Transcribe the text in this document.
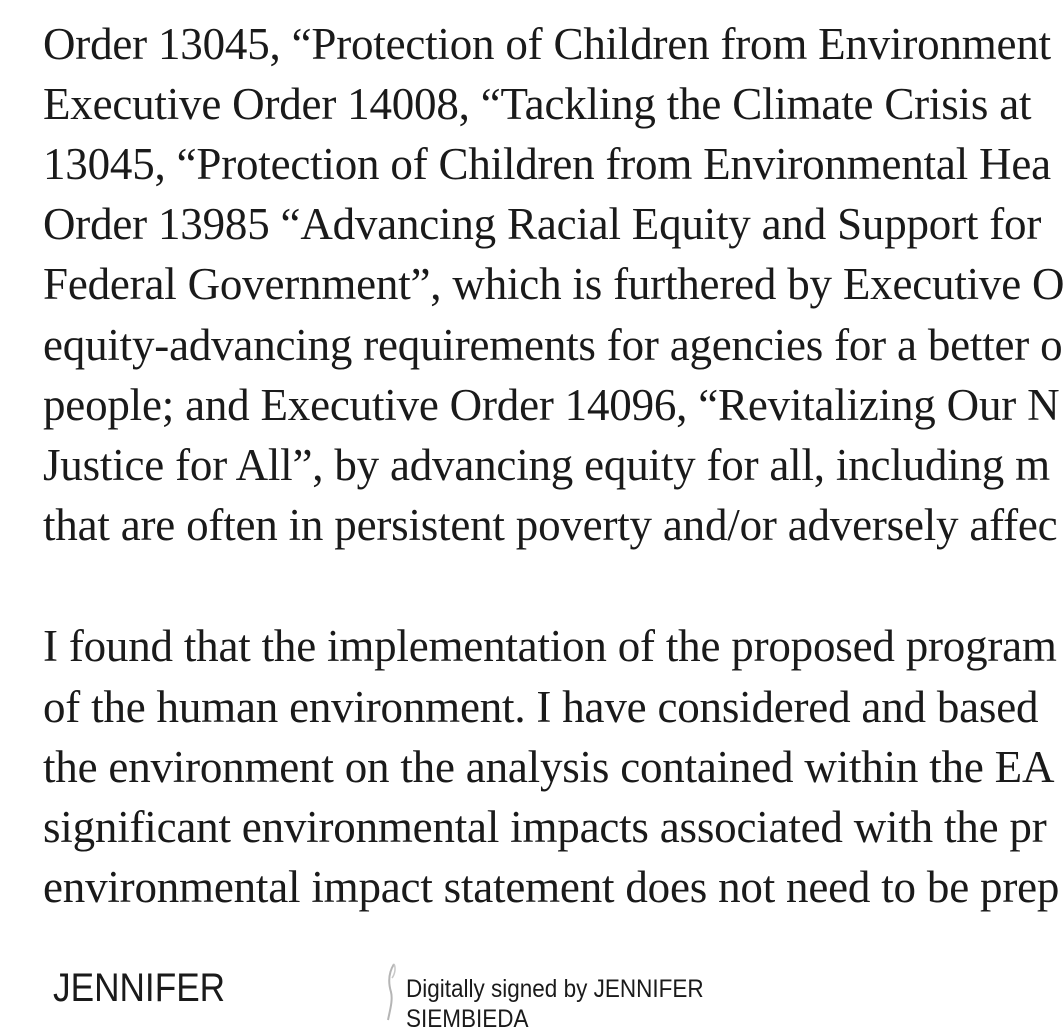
Order 13045, “Protection of Children from Environment
Executive Order 14008, “Tackling the Climate Crisis at
13045, “Protection of Children from Environmental Hea
Order 13985 “Advancing Racial Equity and Support for
Federal Government”, which is furthered by Executive O
equity-advancing requirements for agencies for a better o
people; and Executive Order 14096, “Revitalizing Our N
Justice for All”, by advancing equity for all, including m
that are often in persistent poverty and/or adversely affec
I found that the implementation of the proposed program
of the human environment. I have considered and based
the environment on the analysis contained within the EA
significant environmental impacts associated with the pr
environmental impact statement does not need to be prep
JENNIFER	Digitally signed by JENNIFER
SIEMBIEDA
